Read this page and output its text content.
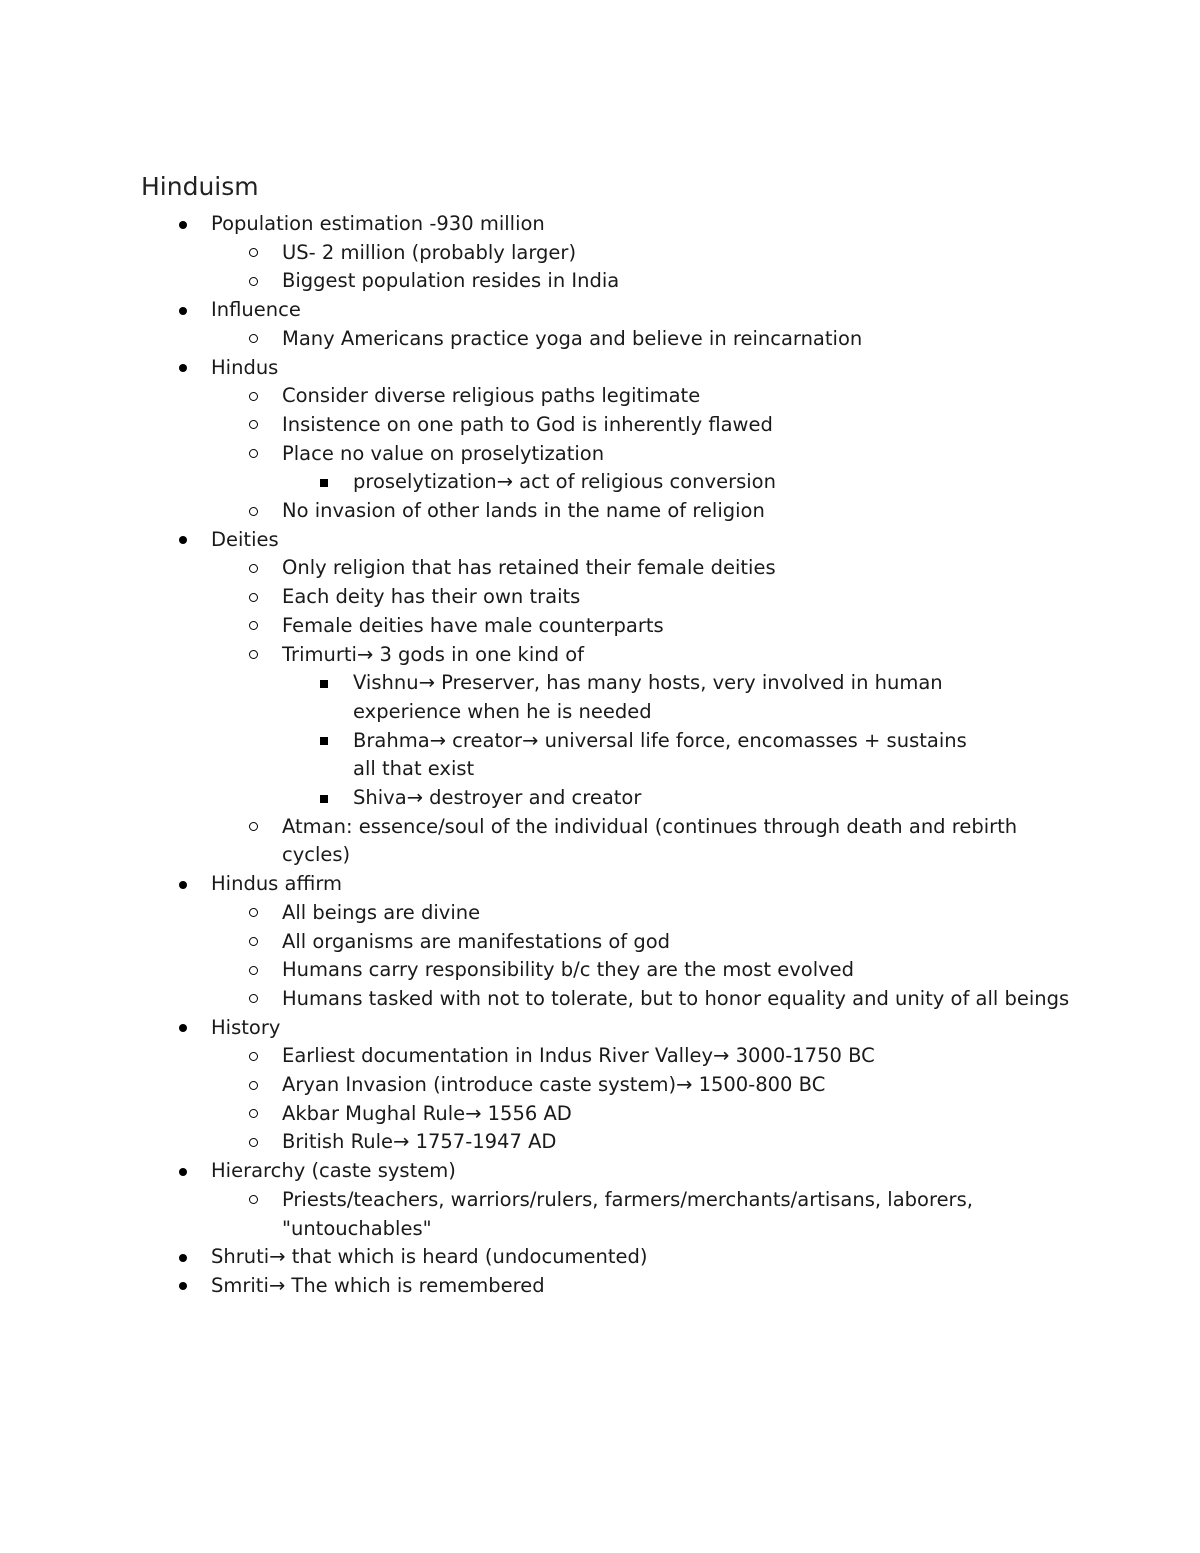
Hinduism
Population estimation -930 million
US- 2 million (probably larger)
Biggest population resides in India
Influence
Many Americans practice yoga and believe in reincarnation
Hindus
Consider diverse religious paths legitimate
Insistence on one path to God is inherently flawed
Place no value on proselytization
proselytization→ act of religious conversion
No invasion of other lands in the name of religion
Deities
Only religion that has retained their female deities
Each deity has their own traits
Female deities have male counterparts
Trimurti→ 3 gods in one kind of
Vishnu→ Preserver, has many hosts, very involved in human
experience when he is needed
Brahma→ creator→ universal life force, encomasses + sustains
all that exist
Shiva→ destroyer and creator
Atman: essence/soul of the individual (continues through death and rebirth
cycles)
Hindus affirm
All beings are divine
All organisms are manifestations of god
Humans carry responsibility b/c they are the most evolved
Humans tasked with not to tolerate, but to honor equality and unity of all beings
History
Earliest documentation in Indus River Valley→ 3000-1750 BC
Aryan Invasion (introduce caste system)→ 1500-800 BC
Akbar Mughal Rule→ 1556 AD
British Rule→ 1757-1947 AD
Hierarchy (caste system)
Priests/teachers, warriors/rulers, farmers/merchants/artisans, laborers,
"untouchables"
Shruti→ that which is heard (undocumented)
Smriti→ The which is remembered
